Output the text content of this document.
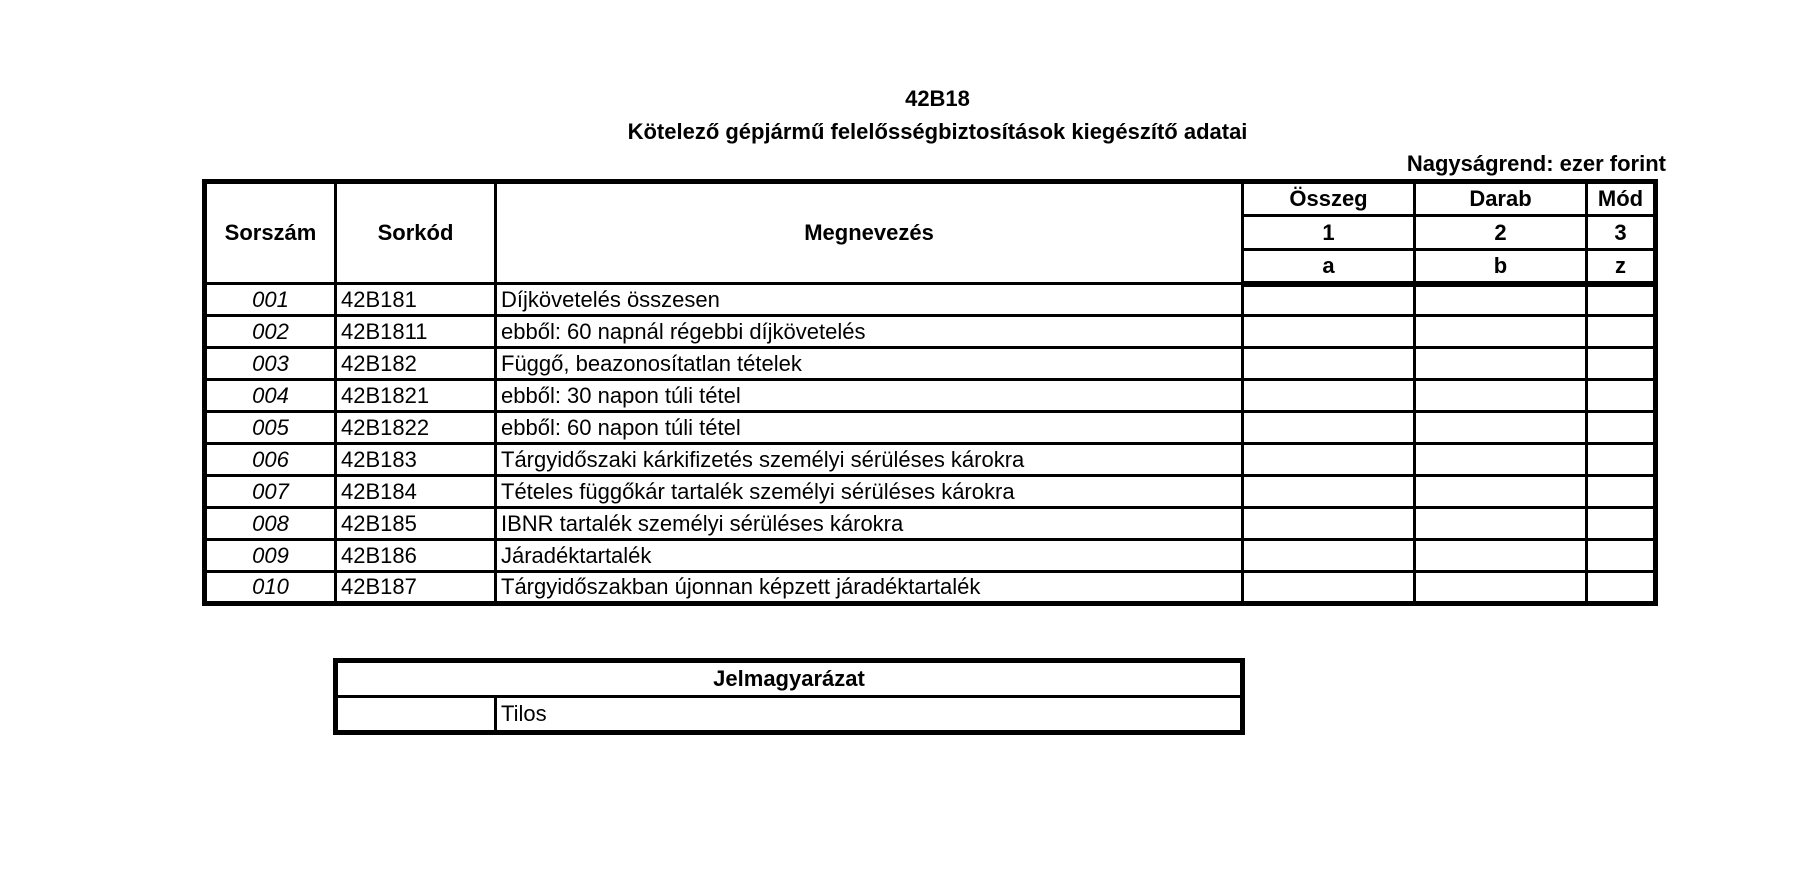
42B18
Kötelező gépjármű felelősségbiztosítások kiegészítő adatai
Nagyságrend: ezer forint
Sorszám	Sorkód	Megnevezés	Összeg	Darab	Mód
			1	2	3
			a	b	z
001	42B181	Díjkövetelés összesen			
002	42B1811	ebből: 60 napnál régebbi díjkövetelés			
003	42B182	Függő, beazonosítatlan tételek			
004	42B1821	ebből: 30 napon túli tétel			
005	42B1822	ebből: 60 napon túli tétel			
006	42B183	Tárgyidőszaki kárkifizetés személyi sérüléses károkra			
007	42B184	Tételes függőkár tartalék személyi sérüléses károkra			
008	42B185	IBNR tartalék személyi sérüléses károkra			
009	42B186	Járadéktartalék			
010	42B187	Tárgyidőszakban újonnan képzett járadéktartalék			
Jelmagyarázat
	Tilos
